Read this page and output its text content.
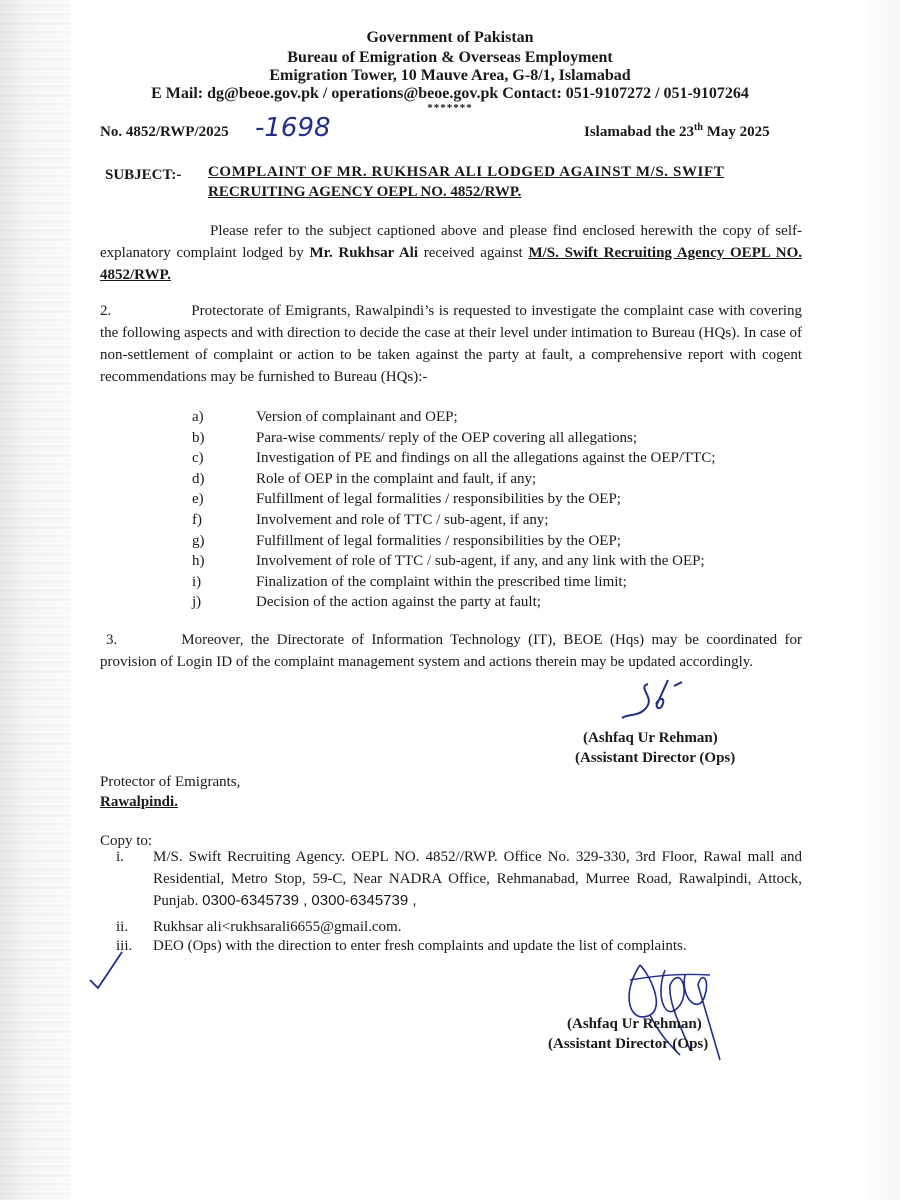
Government of Pakistan
Bureau of Emigration & Overseas Employment
Emigration Tower, 10 Mauve Area, G-8/1, Islamabad
E Mail: dg@beoe.gov.pk / operations@beoe.gov.pk Contact: 051-9107272 / 051-9107264
*******
No. 4852/RWP/2025 -1698	Islamabad the 23th May 2025
SUBJECT:- COMPLAINT OF MR. RUKHSAR ALI LODGED AGAINST M/S. SWIFT
RECRUITING AGENCY OEPL NO. 4852/RWP.

Please refer to the subject captioned above and please find enclosed herewith the copy of self-explanatory complaint lodged by Mr. Rukhsar Ali received against M/S. Swift Recruiting Agency OEPL NO. 4852/RWP.

2.	Protectorate of Emigrants, Rawalpindi’s is requested to investigate the complaint case with covering the following aspects and with direction to decide the case at their level under intimation to Bureau (HQs). In case of non-settlement of complaint or action to be taken against the party at fault, a comprehensive report with cogent recommendations may be furnished to Bureau (HQs):-

a)	Version of complainant and OEP;
b)	Para-wise comments/ reply of the OEP covering all allegations;
c)	Investigation of PE and findings on all the allegations against the OEP/TTC;
d)	Role of OEP in the complaint and fault, if any;
e)	Fulfillment of legal formalities / responsibilities by the OEP;
f)	Involvement and role of TTC / sub-agent, if any;
g)	Fulfillment of legal formalities / responsibilities by the OEP;
h)	Involvement of role of TTC / sub-agent, if any, and any link with the OEP;
i)	Finalization of the complaint within the prescribed time limit;
j)	Decision of the action against the party at fault;

3.	Moreover, the Directorate of Information Technology (IT), BEOE (Hqs) may be coordinated for provision of Login ID of the complaint management system and actions therein may be updated accordingly.

(Ashfaq Ur Rehman)
(Assistant Director (Ops)
Protector of Emigrants,
Rawalpindi.
Copy to:
i. M/S. Swift Recruiting Agency. OEPL NO. 4852//RWP. Office No. 329-330, 3rd Floor, Rawal mall and Residential, Metro Stop, 59-C, Near NADRA Office, Rehmanabad, Murree Road, Rawalpindi, Attock, Punjab. 0300-6345739 , 0300-6345739 ,
ii. Rukhsar ali<rukhsarali6655@gmail.com.
iii. DEO (Ops) with the direction to enter fresh complaints and update the list of complaints.
(Ashfaq Ur Rehman)
(Assistant Director (Ops)
